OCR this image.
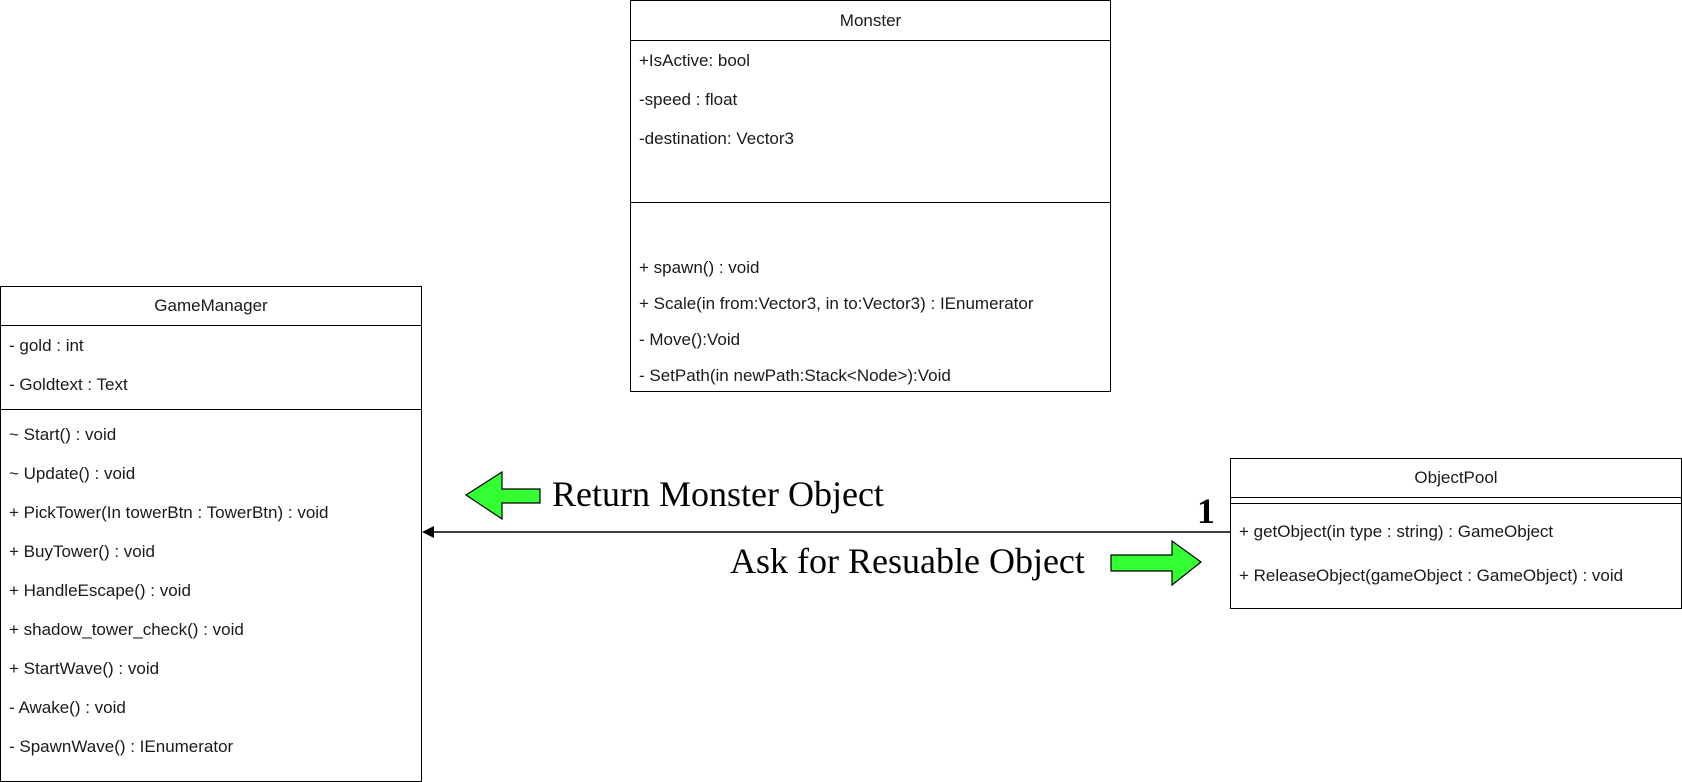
Monster
+IsActive: bool
-speed : float
-destination: Vector3
+ spawn() : void
+ Scale(in from:Vector3, in to:Vector3) : IEnumerator
- Move():Void
- SetPath(in newPath:Stack<Node>):Void
GameManager
- gold : int
- Goldtext : Text
~ Start() : void
~ Update() : void
+ PickTower(In towerBtn : TowerBtn) : void
+ BuyTower() : void
+ HandleEscape() : void
+ shadow_tower_check() : void
+ StartWave() : void
- Awake() : void
- SpawnWave() : IEnumerator
ObjectPool
+ getObject(in type : string) : GameObject
+ ReleaseObject(gameObject : GameObject) : void
1
Return Monster Object
Ask for Resuable Object
